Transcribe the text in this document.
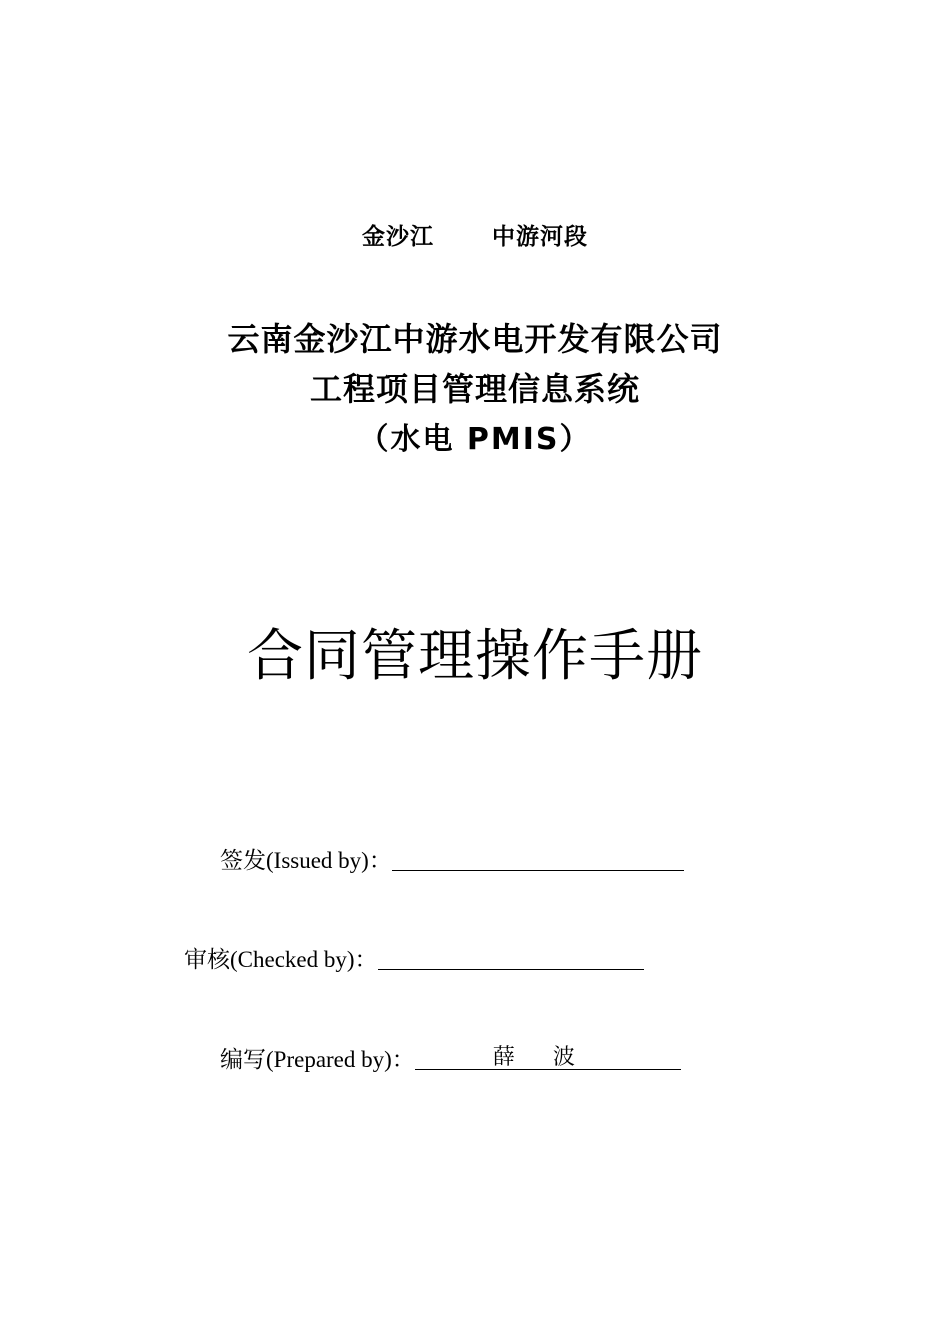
金沙江	中游河段
云南金沙江中游水电开发有限公司
工程项目管理信息系统
（水电 PMIS）
合同管理操作手册
签发(Issued by)：
审核(Checked by)：
编写(Prepared by)：	薛 波
